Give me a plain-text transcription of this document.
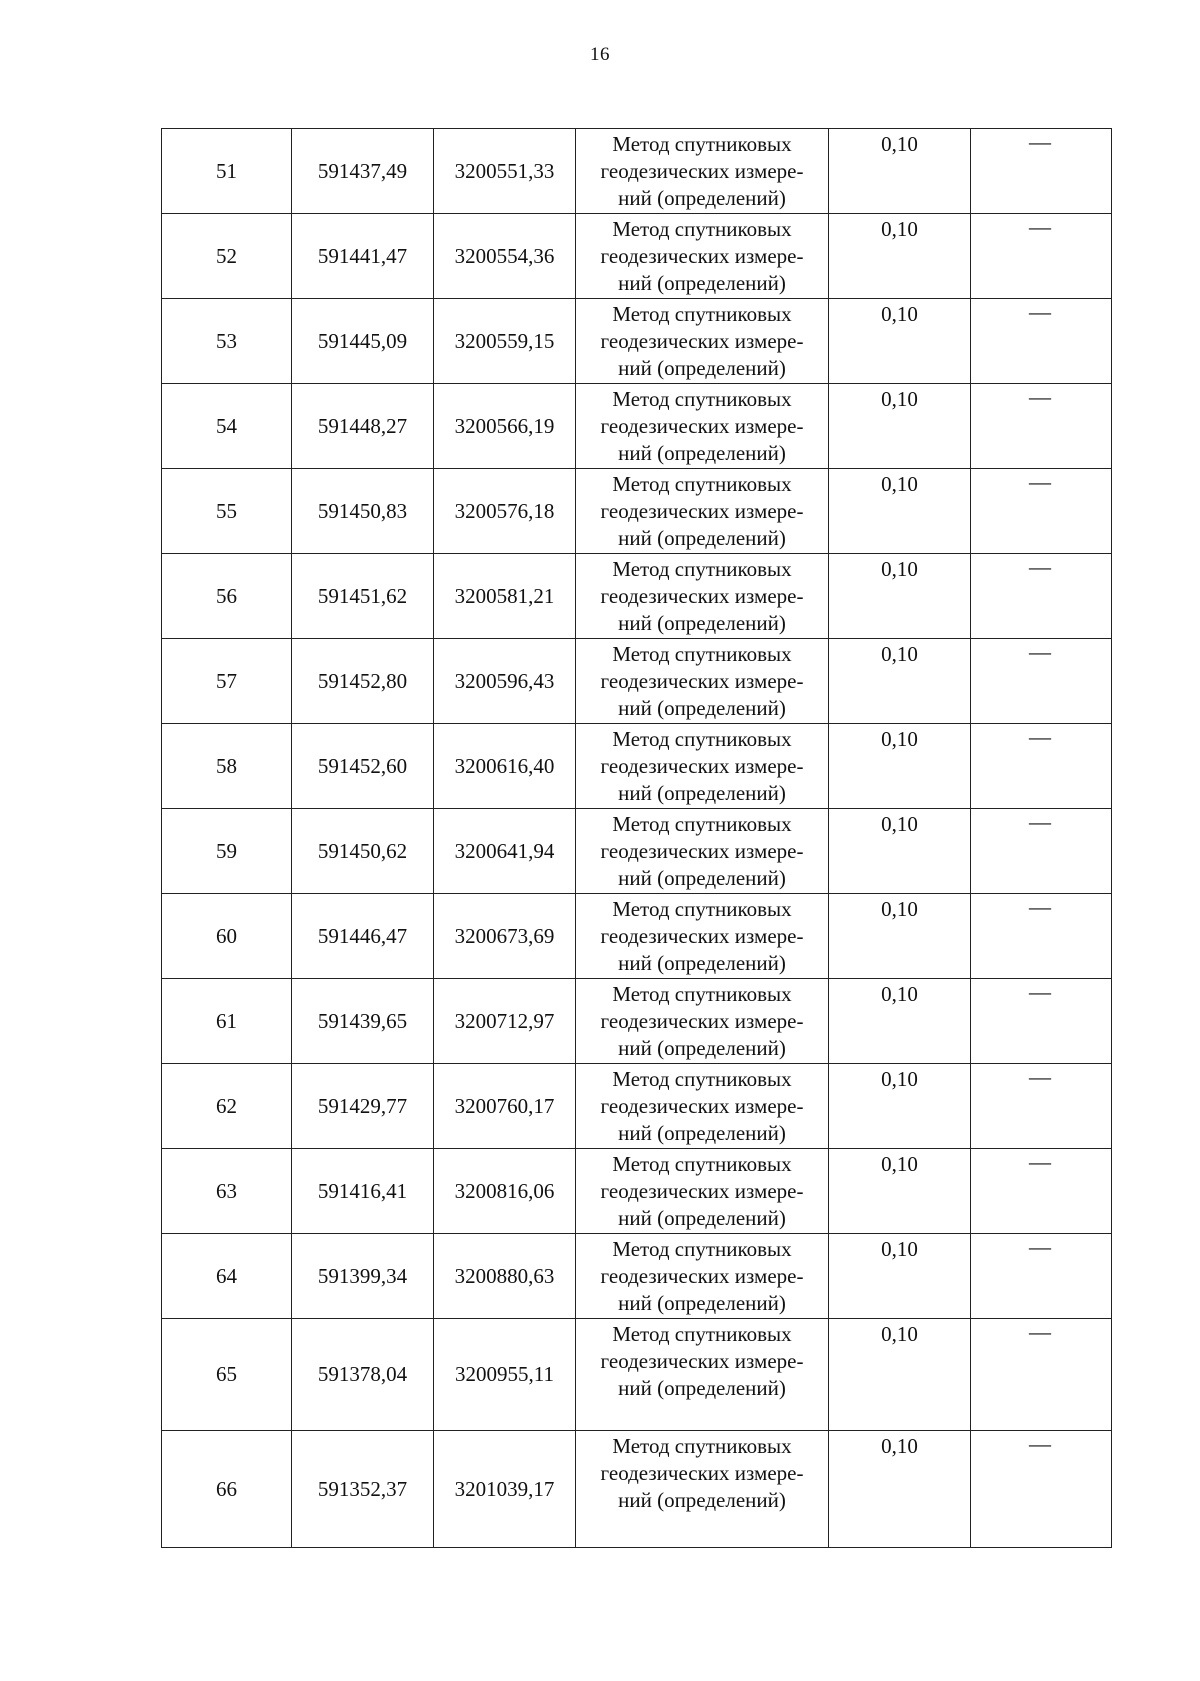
16
51	591437,49	3200551,33	Метод спутниковых
геодезических измере-
ний (определений)	0,10	—
52	591441,47	3200554,36	Метод спутниковых
геодезических измере-
ний (определений)	0,10	—
53	591445,09	3200559,15	Метод спутниковых
геодезических измере-
ний (определений)	0,10	—
54	591448,27	3200566,19	Метод спутниковых
геодезических измере-
ний (определений)	0,10	—
55	591450,83	3200576,18	Метод спутниковых
геодезических измере-
ний (определений)	0,10	—
56	591451,62	3200581,21	Метод спутниковых
геодезических измере-
ний (определений)	0,10	—
57	591452,80	3200596,43	Метод спутниковых
геодезических измере-
ний (определений)	0,10	—
58	591452,60	3200616,40	Метод спутниковых
геодезических измере-
ний (определений)	0,10	—
59	591450,62	3200641,94	Метод спутниковых
геодезических измере-
ний (определений)	0,10	—
60	591446,47	3200673,69	Метод спутниковых
геодезических измере-
ний (определений)	0,10	—
61	591439,65	3200712,97	Метод спутниковых
геодезических измере-
ний (определений)	0,10	—
62	591429,77	3200760,17	Метод спутниковых
геодезических измере-
ний (определений)	0,10	—
63	591416,41	3200816,06	Метод спутниковых
геодезических измере-
ний (определений)	0,10	—
64	591399,34	3200880,63	Метод спутниковых
геодезических измере-
ний (определений)	0,10	—
65	591378,04	3200955,11	Метод спутниковых
геодезических измере-
ний (определений)	0,10	—
66	591352,37	3201039,17	Метод спутниковых
геодезических измере-
ний (определений)	0,10	—
